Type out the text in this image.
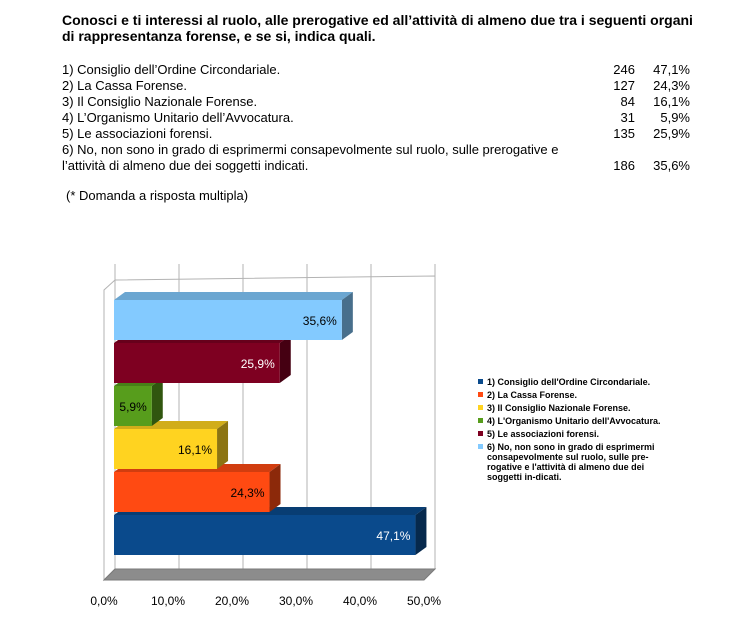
Conosci e ti interessi al ruolo, alle prerogative ed all’attività di almeno due tra i seguenti organi di rappresentanza forense, e se si, indica quali.

1) Consiglio dell’Ordine Circondariale.	246 47,1%
2) La Cassa Forense.	127 24,3%
3) Il Consiglio Nazionale Forense.	84 16,1%
4) L’Organismo Unitario dell’Avvocatura.	31 5,9%
5) Le associazioni forensi.	135 25,9%
6) No, non sono in grado di esprimermi consapevolmente sul ruolo, sulle prerogative e l’attività di almeno due dei soggetti indicati.	186 35,6%
(* Domanda a risposta multipla)
47,1%
24,3%
16,1%
5,9%
25,9%
35,6%
0,0%	10,0% 20,0% 30,0% 40,0% 50,0%
1) Consiglio dell'Ordine Circondariale.
2) La Cassa Forense.
3) Il Consiglio Nazionale Forense.
4) L'Organismo Unitario dell'Avvocatura.
5) Le associazioni forensi.
6) No, non sono in grado di esprimermi consapevolmente sul ruolo, sulle pre-rogative e l'attività di almeno due dei soggetti in-dicati.
